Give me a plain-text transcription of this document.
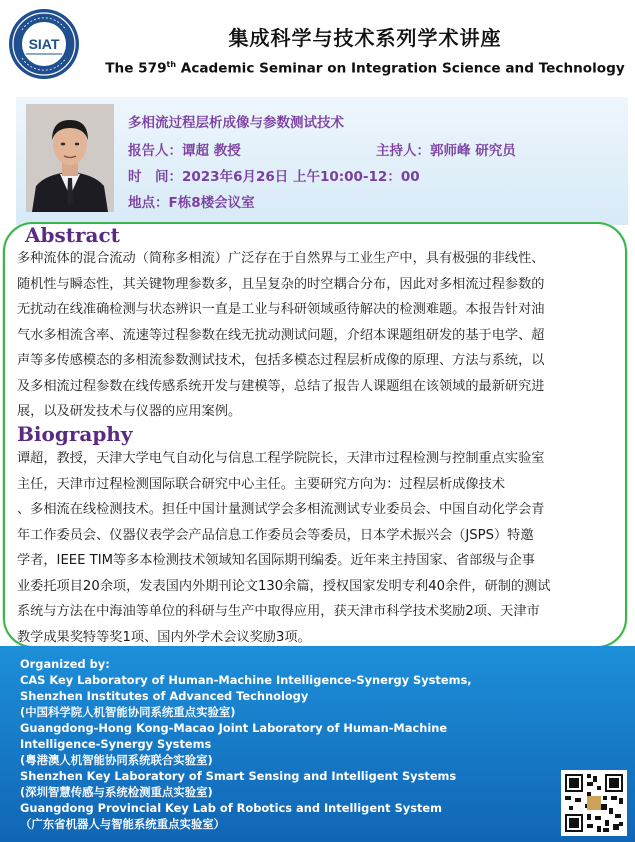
SIAT	集成科学与技术系列学术讲座
The 579th Academic Seminar on Integration Science and Technology
多相流过程层析成像与参数测试技术
报告人：谭超 教授	主持人：郭师峰 研究员
时　间：2023年6月26日 上午10:00-12：00
地点：F栋8楼会议室
Abstract
多种流体的混合流动（简称多相流）广泛存在于自然界与工业生产中，具有极强的非线性、
随机性与瞬态性，其关键物理参数多，且呈复杂的时空耦合分布，因此对多相流过程参数的
无扰动在线准确检测与状态辨识一直是工业与科研领域亟待解决的检测难题。本报告针对油
气水多相流含率、流速等过程参数在线无扰动测试问题，介绍本课题组研发的基于电学、超
声等多传感模态的多相流参数测试技术，包括多模态过程层析成像的原理、方法与系统，以
及多相流过程参数在线传感系统开发与建模等，总结了报告人课题组在该领域的最新研究进
展，以及研发技术与仪器的应用案例。
Biography
谭超，教授，天津大学电气自动化与信息工程学院院长，天津市过程检测与控制重点实验室
主任，天津市过程检测国际联合研究中心主任。主要研究方向为：过程层析成像技术
、多相流在线检测技术。担任中国计量测试学会多相流测试专业委员会、中国自动化学会青
年工作委员会、仪器仪表学会产品信息工作委员会等委员，日本学术振兴会（JSPS）特邀
学者，IEEE TIM等多本检测技术领域知名国际期刊编委。近年来主持国家、省部级与企事
业委托项目20余项，发表国内外期刊论文130余篇，授权国家发明专利40余件，研制的测试
系统与方法在中海油等单位的科研与生产中取得应用，获天津市科学技术奖励2项、天津市
教学成果奖特等奖1项、国内外学术会议奖励3项。
Organized by:
CAS Key Laboratory of Human-Machine Intelligence-Synergy Systems,
Shenzhen Institutes of Advanced Technology
(中国科学院人机智能协同系统重点实验室)
Guangdong-Hong Kong-Macao Joint Laboratory of Human-Machine
Intelligence-Synergy Systems
(粤港澳人机智能协同系统联合实验室)
Shenzhen Key Laboratory of Smart Sensing and Intelligent Systems
(深圳智慧传感与系统检测重点实验室)
Guangdong Provincial Key Lab of Robotics and Intelligent System
（广东省机器人与智能系统重点实验室）
